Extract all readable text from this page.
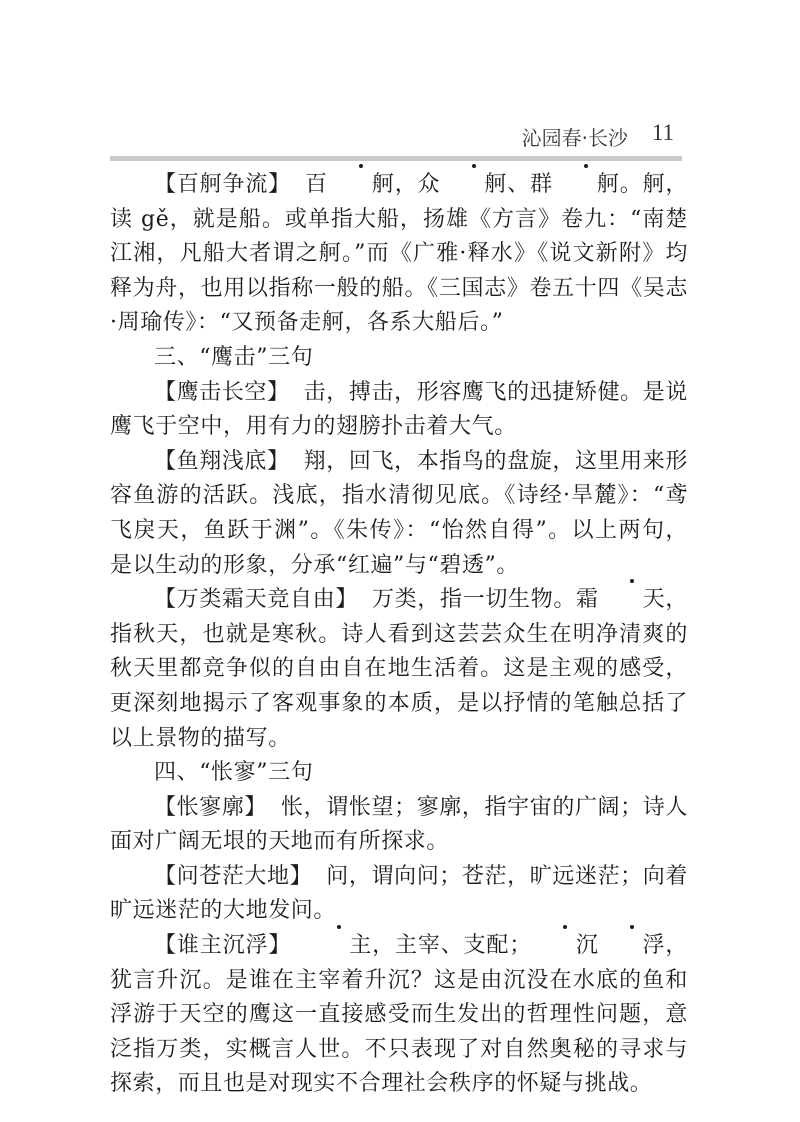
沁园春·长沙 11

【百舸争流】 百 舸，众 舸、群 舸。舸，读 gě，就是船。或单指大船，扬雄《方言》卷九：“南楚江湘，凡船大者谓之舸。”而《广雅·释水》《说文新附》均释为舟，也用以指称一般的船。《三国志》卷五十四《吴志·周瑜传》：“又预备走舸，各系大船后。”

三、“鹰击”三句

【鹰击长空】 击，搏击，形容鹰飞的迅捷矫健。是说鹰飞于空中，用有力的翅膀扑击着大气。

【鱼翔浅底】 翔，回飞，本指鸟的盘旋，这里用来形容鱼游的活跃。浅底，指水清彻见底。《诗经·旱麓》：“鸢飞戾天，鱼跃于渊”。《朱传》：“怡然自得”。以上两句，是以生动的形象，分承“红遍”与“碧透”。

【万类霜天竞自由】 万类，指一切生物。霜 天，指秋天，也就是寒秋。诗人看到这芸芸众生在明净清爽的秋天里都竞争似的自由自在地生活着。这是主观的感受，更深刻地揭示了客观事象的本质，是以抒情的笔触总括了以上景物的描写。

四、“怅寥”三句

【怅寥廓】 怅，谓怅望；寥廓，指宇宙的广阔；诗人面对广阔无垠的天地而有所探求。

【问苍茫大地】 问，谓向问；苍茫，旷远迷茫；向着旷远迷茫的大地发问。

【谁主沉浮】	主，主宰、支配； 沉 浮，犹言升沉。是谁在主宰着升沉？这是由沉没在水底的鱼和浮游于天空的鹰这一直接感受而生发出的哲理性问题，意泛指万类，实概言人世。不只表现了对自然奥秘的寻求与探索，而且也是对现实不合理社会秩序的怀疑与挑战。
